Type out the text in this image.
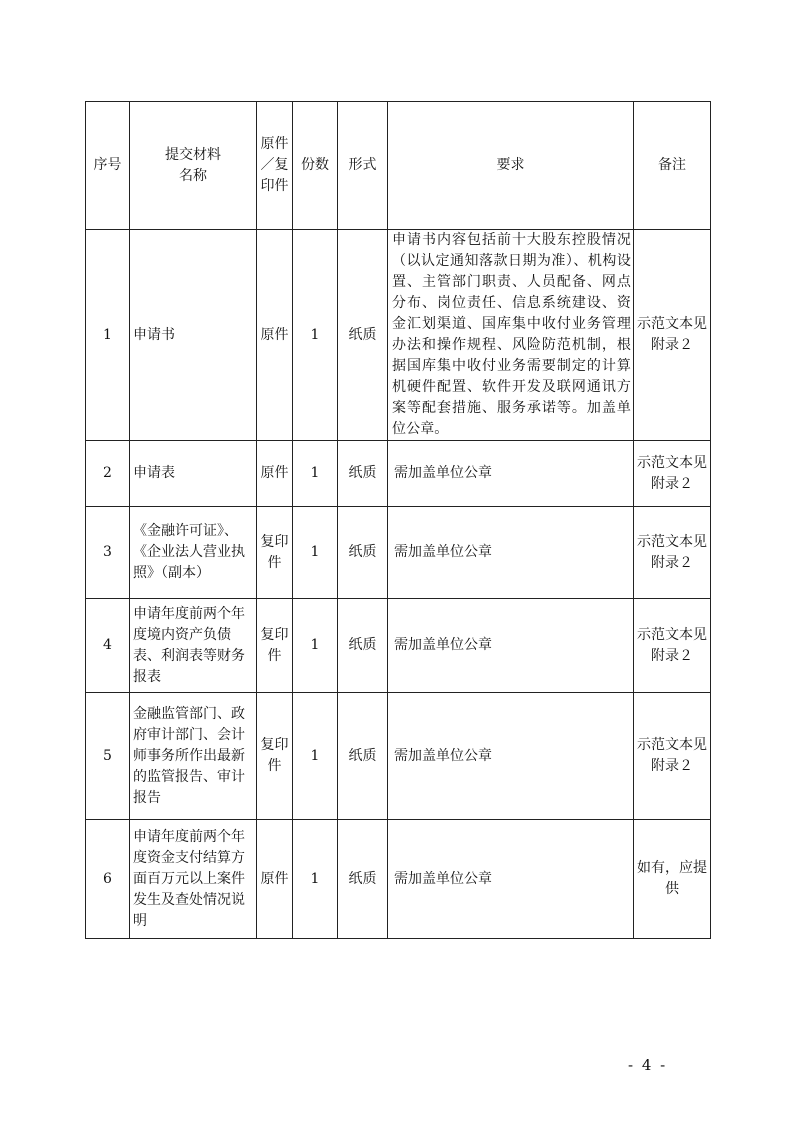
序号	提交材料名称	原件／复印件	份数	形式	要求	备注
1	申请书	原件	1	纸质	申请书内容包括前十大股东控股情况（以认定通知落款日期为准）、机构设置、主管部门职责、人员配备、网点分布、岗位责任、信息系统建设、资金汇划渠道、国库集中收付业务管理办法和操作规程、风险防范机制，根据国库集中收付业务需要制定的计算机硬件配置、软件开发及联网通讯方案等配套措施、服务承诺等。加盖单位公章。	示范文本见附录２
2	申请表	原件	1	纸质	需加盖单位公章	示范文本见附录２
3	《金融许可证》、《企业法人营业执照》（副本）	复印件	1	纸质	需加盖单位公章	示范文本见附录２
4	申请年度前两个年度境内资产负债表、利润表等财务报表	复印件	1	纸质	需加盖单位公章	示范文本见附录２
5	金融监管部门、政府审计部门、会计师事务所作出最新的监管报告、审计报告	复印件	1	纸质	需加盖单位公章	示范文本见附录２
6	申请年度前两个年度资金支付结算方面百万元以上案件发生及查处情况说明	原件	1	纸质	需加盖单位公章	如有，应提供
- 4 -
